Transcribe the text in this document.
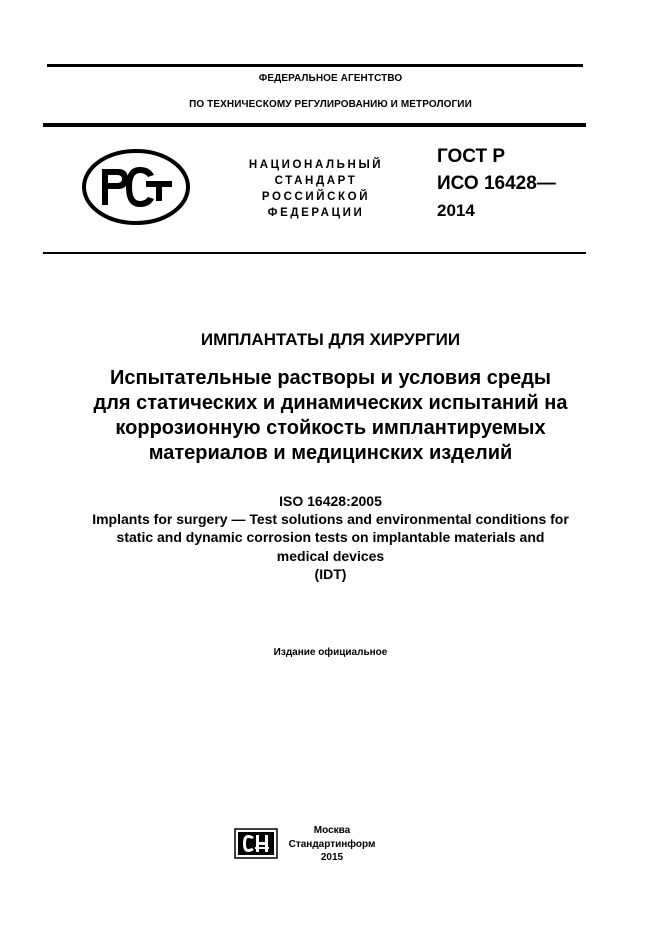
ФЕДЕРАЛЬНОЕ АГЕНТСТВО
ПО ТЕХНИЧЕСКОМУ РЕГУЛИРОВАНИЮ И МЕТРОЛОГИИ
НАЦИОНАЛЬНЫЙ
СТАНДАРТ
РОССИЙСКОЙ
ФЕДЕРАЦИИ
ГОСТ Р
ИСО 16428—
2014
ИМПЛАНТАТЫ ДЛЯ ХИРУРГИИ
Испытательные растворы и условия среды
для статических и динамических испытаний на
коррозионную стойкость имплантируемых
материалов и медицинских изделий
ISO 16428:2005
Implants for surgery — Test solutions and environmental conditions for
static and dynamic corrosion tests on implantable materials and
medical devices
(IDT)
Издание официальное
Москва
Стандартинформ
2015
